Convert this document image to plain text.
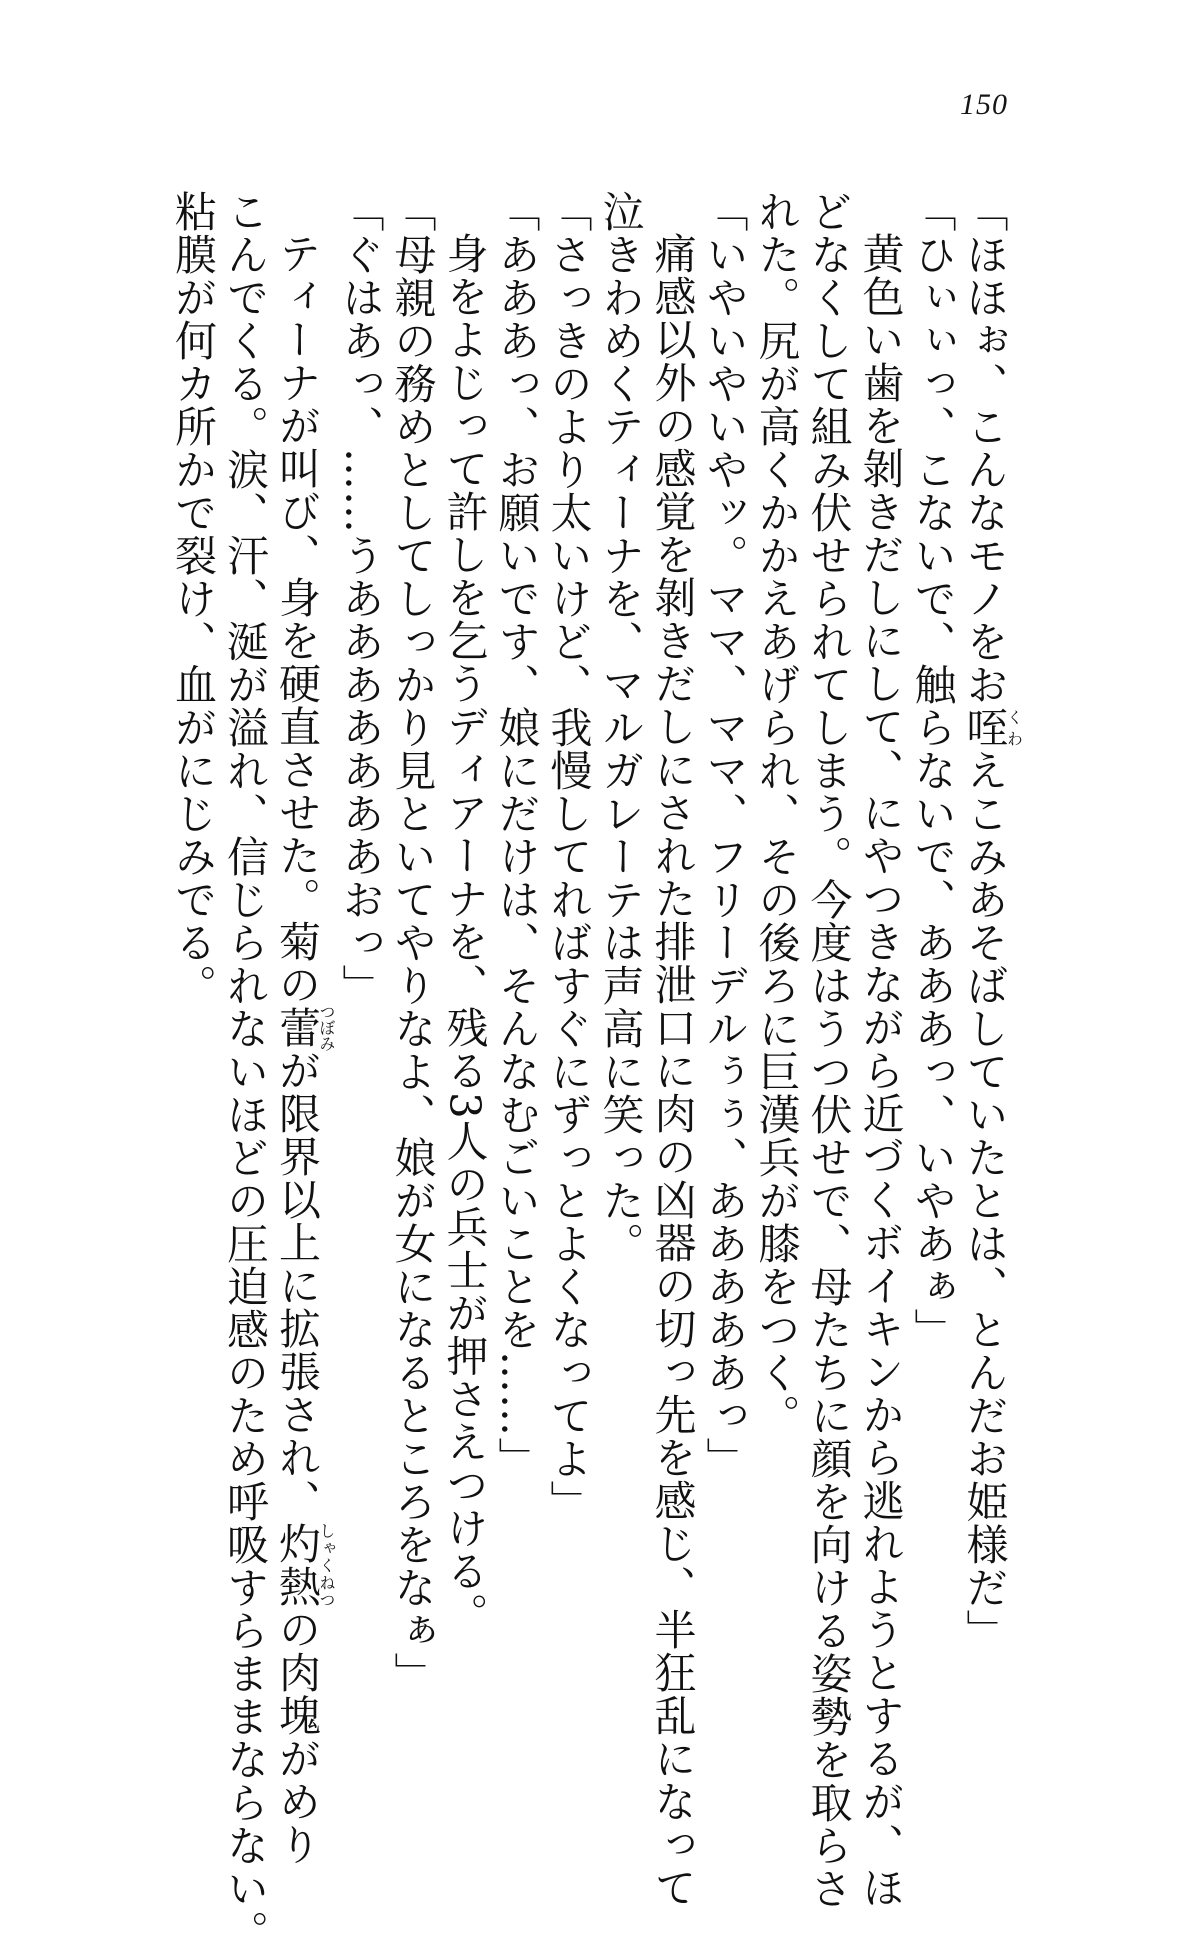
150
「ほほぉ、こんなモノをお咥くわえこみあそばしていたとは、とんだお姫様だ」
「ひぃぃっ、こないで、触らないで、あああっ、いやあぁ」
黄色い歯を剝きだしにして、にやつきながら近づくボイキンから逃れようとするが、ほ
どなくして組み伏せられてしまう。今度はうつ伏せで、母たちに顔を向ける姿勢を取らさ
れた。尻が高くかかえあげられ、その後ろに巨漢兵が膝をつく。
「いやいやいやッ。ママ、ママ、フリーデルぅぅ、あああああっ」
痛感以外の感覚を剝きだしにされた排泄口に肉の凶器の切っ先を感じ、半狂乱になって
泣きわめくティーナを、マルガレーテは声高に笑った。
「さっきのより太いけど、我慢してればすぐにずっとよくなってよ」
「あああっ、お願いです、娘にだけは、そんなむごいことを……」
身をよじって許しを乞うディアーナを、残る3人の兵士が押さえつける。
「母親の務めとしてしっかり見といてやりなよ、娘が女になるところをなぁ」
「ぐはあっ、……うあああああああおっ」
ティーナが叫び、身を硬直させた。菊の蕾つぼみが限界以上に拡張され、灼熱しゃくねつの肉塊がめり
こんでくる。涙、汗、涎が溢れ、信じられないほどの圧迫感のため呼吸すらままならない。
粘膜が何カ所かで裂け、血がにじみでる。
